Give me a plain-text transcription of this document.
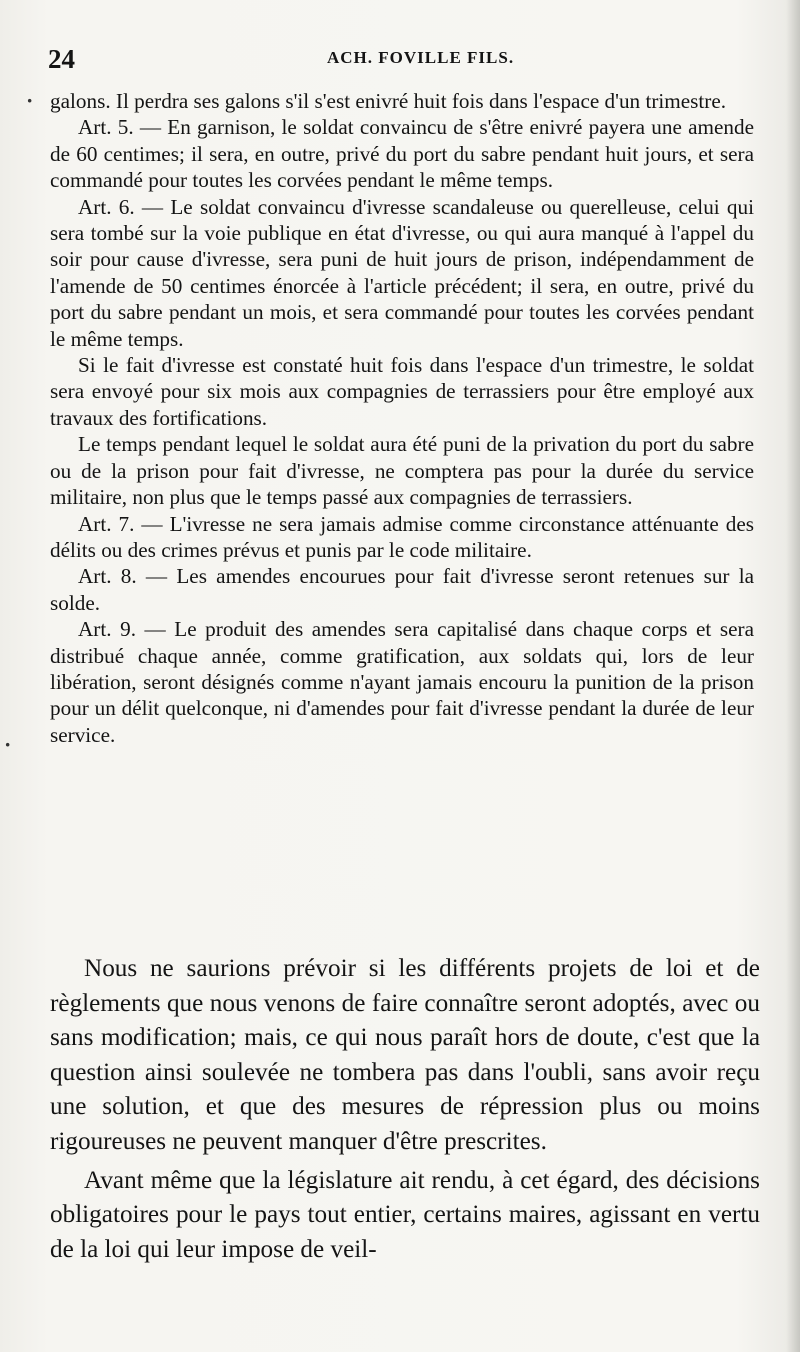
24	ACH. FOVILLE FILS.
·
·

galons. Il perdra ses galons s'il s'est enivré huit fois dans l'espace d'un trimestre.

Art. 5. — En garnison, le soldat convaincu de s'être enivré payera une amende de 60 centimes; il sera, en outre, privé du port du sabre pendant huit jours, et sera commandé pour toutes les corvées pendant le même temps.

Art. 6. — Le soldat convaincu d'ivresse scandaleuse ou querelleuse, celui qui sera tombé sur la voie publique en état d'ivresse, ou qui aura manqué à l'appel du soir pour cause d'ivresse, sera puni de huit jours de prison, indépendamment de l'amende de 50 centimes énorcée à l'article précédent; il sera, en outre, privé du port du sabre pendant un mois, et sera commandé pour toutes les corvées pendant le même temps.

Si le fait d'ivresse est constaté huit fois dans l'espace d'un trimestre, le soldat sera envoyé pour six mois aux compagnies de terrassiers pour être employé aux travaux des fortifications.

Le temps pendant lequel le soldat aura été puni de la privation du port du sabre ou de la prison pour fait d'ivresse, ne comptera pas pour la durée du service militaire, non plus que le temps passé aux compagnies de terrassiers.

Art. 7. — L'ivresse ne sera jamais admise comme circonstance atténuante des délits ou des crimes prévus et punis par le code militaire.

Art. 8. — Les amendes encourues pour fait d'ivresse seront retenues sur la solde.

Art. 9. — Le produit des amendes sera capitalisé dans chaque corps et sera distribué chaque année, comme gratification, aux soldats qui, lors de leur libération, seront désignés comme n'ayant jamais encouru la punition de la prison pour un délit quelconque, ni d'amendes pour fait d'ivresse pendant la durée de leur service.

Nous ne saurions prévoir si les différents projets de loi et de règlements que nous venons de faire connaître seront adoptés, avec ou sans modification; mais, ce qui nous paraît hors de doute, c'est que la question ainsi soulevée ne tombera pas dans l'oubli, sans avoir reçu une solution, et que des mesures de répression plus ou moins rigoureuses ne peuvent manquer d'être prescrites.

Avant même que la législature ait rendu, à cet égard, des décisions obligatoires pour le pays tout entier, certains maires, agissant en vertu de la loi qui leur impose de veil-
